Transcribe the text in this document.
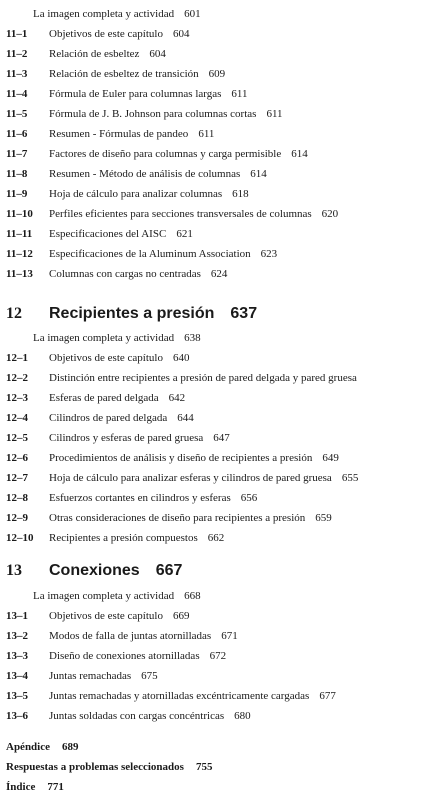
La imagen completa y actividad 601
11–1 Objetivos de este capítulo 604
11–2 Relación de esbeltez 604
11–3 Relación de esbeltez de transición 609
11–4 Fórmula de Euler para columnas largas 611
11–5 Fórmula de J. B. Johnson para columnas cortas 611
11–6 Resumen - Fórmulas de pandeo 611
11–7 Factores de diseño para columnas y carga permisible 614
11–8 Resumen - Método de análisis de columnas 614
11–9 Hoja de cálculo para analizar columnas 618
11–10 Perfiles eficientes para secciones transversales de columnas 620
11–11 Especificaciones del AISC 621
11–12 Especificaciones de la Aluminum Association 623
11–13 Columnas con cargas no centradas 624
12 Recipientes a presión 637
La imagen completa y actividad 638
12–1 Objetivos de este capítulo 640
12–2 Distinción entre recipientes a presión de pared delgada y pared gruesa
12–3 Esferas de pared delgada 642
12–4 Cilindros de pared delgada 644
12–5 Cilindros y esferas de pared gruesa 647
12–6 Procedimientos de análisis y diseño de recipientes a presión 649
12–7 Hoja de cálculo para analizar esferas y cilindros de pared gruesa 655
12–8 Esfuerzos cortantes en cilindros y esferas 656
12–9 Otras consideraciones de diseño para recipientes a presión 659
12–10 Recipientes a presión compuestos 662
13 Conexiones 667
La imagen completa y actividad 668
13–1 Objetivos de este capítulo 669
13–2 Modos de falla de juntas atornilladas 671
13–3 Diseño de conexiones atornilladas 672
13–4 Juntas remachadas 675
13–5 Juntas remachadas y atornilladas excéntricamente cargadas 677
13–6 Juntas soldadas con cargas concéntricas 680
Apéndice 689
Respuestas a problemas seleccionados 755
Índice 771
